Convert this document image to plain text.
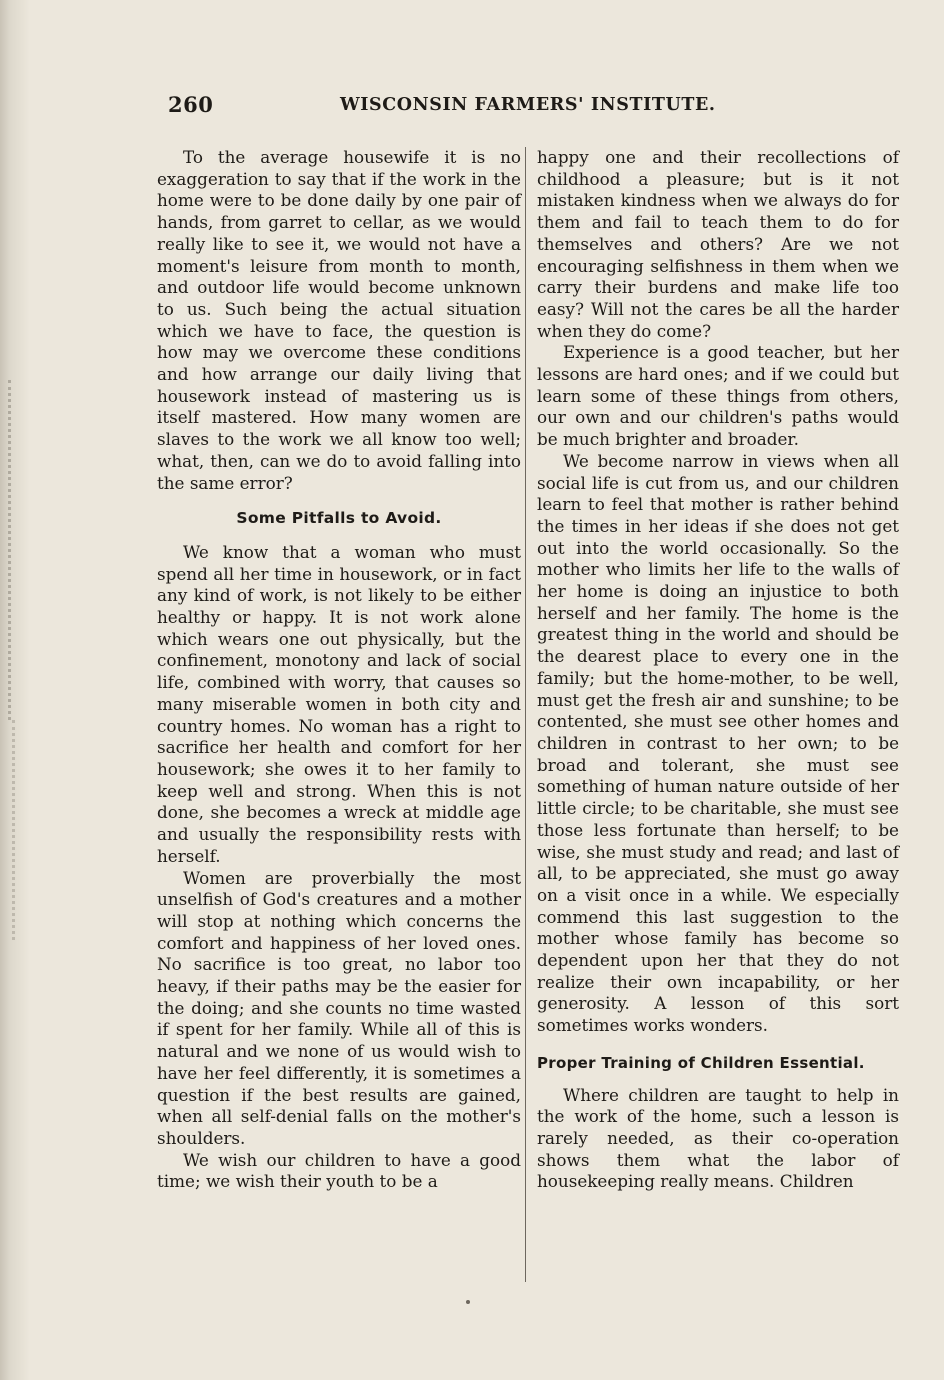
260	WISCONSIN FARMERS' INSTITUTE.

To the average housewife it is no exaggeration to say that if the work in the home were to be done daily by one pair of hands, from garret to cellar, as we would really like to see it, we would not have a moment's leisure from month to month, and outdoor life would become unknown to us. Such being the actual situation which we have to face, the question is how may we overcome these conditions and how arrange our daily living that housework instead of mastering us is itself mastered. How many women are slaves to the work we all know too well; what, then, can we do to avoid falling into the same error?

Some Pitfalls to Avoid.

We know that a woman who must spend all her time in housework, or in fact any kind of work, is not likely to be either healthy or happy. It is not work alone which wears one out physically, but the confinement, monotony and lack of social life, combined with worry, that causes so many miserable women in both city and country homes. No woman has a right to sacrifice her health and comfort for her housework; she owes it to her family to keep well and strong. When this is not done, she becomes a wreck at middle age and usually the responsibility rests with herself.

Women are proverbially the most unselfish of God's creatures and a mother will stop at nothing which concerns the comfort and happiness of her loved ones. No sacrifice is too great, no labor too heavy, if their paths may be the easier for the doing; and she counts no time wasted if spent for her family. While all of this is natural and we none of us would wish to have her feel differently, it is sometimes a question if the best results are gained, when all self-denial falls on the mother's shoulders.

We wish our children to have a good time; we wish their youth to be a

happy one and their recollections of childhood a pleasure; but is it not mistaken kindness when we always do for them and fail to teach them to do for themselves and others? Are we not encouraging selfishness in them when we carry their burdens and make life too easy? Will not the cares be all the harder when they do come?

Experience is a good teacher, but her lessons are hard ones; and if we could but learn some of these things from others, our own and our children's paths would be much brighter and broader.

We become narrow in views when all social life is cut from us, and our children learn to feel that mother is rather behind the times in her ideas if she does not get out into the world occasionally. So the mother who limits her life to the walls of her home is doing an injustice to both herself and her family. The home is the greatest thing in the world and should be the dearest place to every one in the family; but the home-mother, to be well, must get the fresh air and sunshine; to be contented, she must see other homes and children in contrast to her own; to be broad and tolerant, she must see something of human nature outside of her little circle; to be charitable, she must see those less fortunate than herself; to be wise, she must study and read; and last of all, to be appreciated, she must go away on a visit once in a while. We especially commend this last suggestion to the mother whose family has become so dependent upon her that they do not realize their own incapability, or her generosity. A lesson of this sort sometimes works wonders.

Proper Training of Children Essential.

Where children are taught to help in the work of the home, such a lesson is rarely needed, as their co-operation shows them what the labor of housekeeping really means. Children
